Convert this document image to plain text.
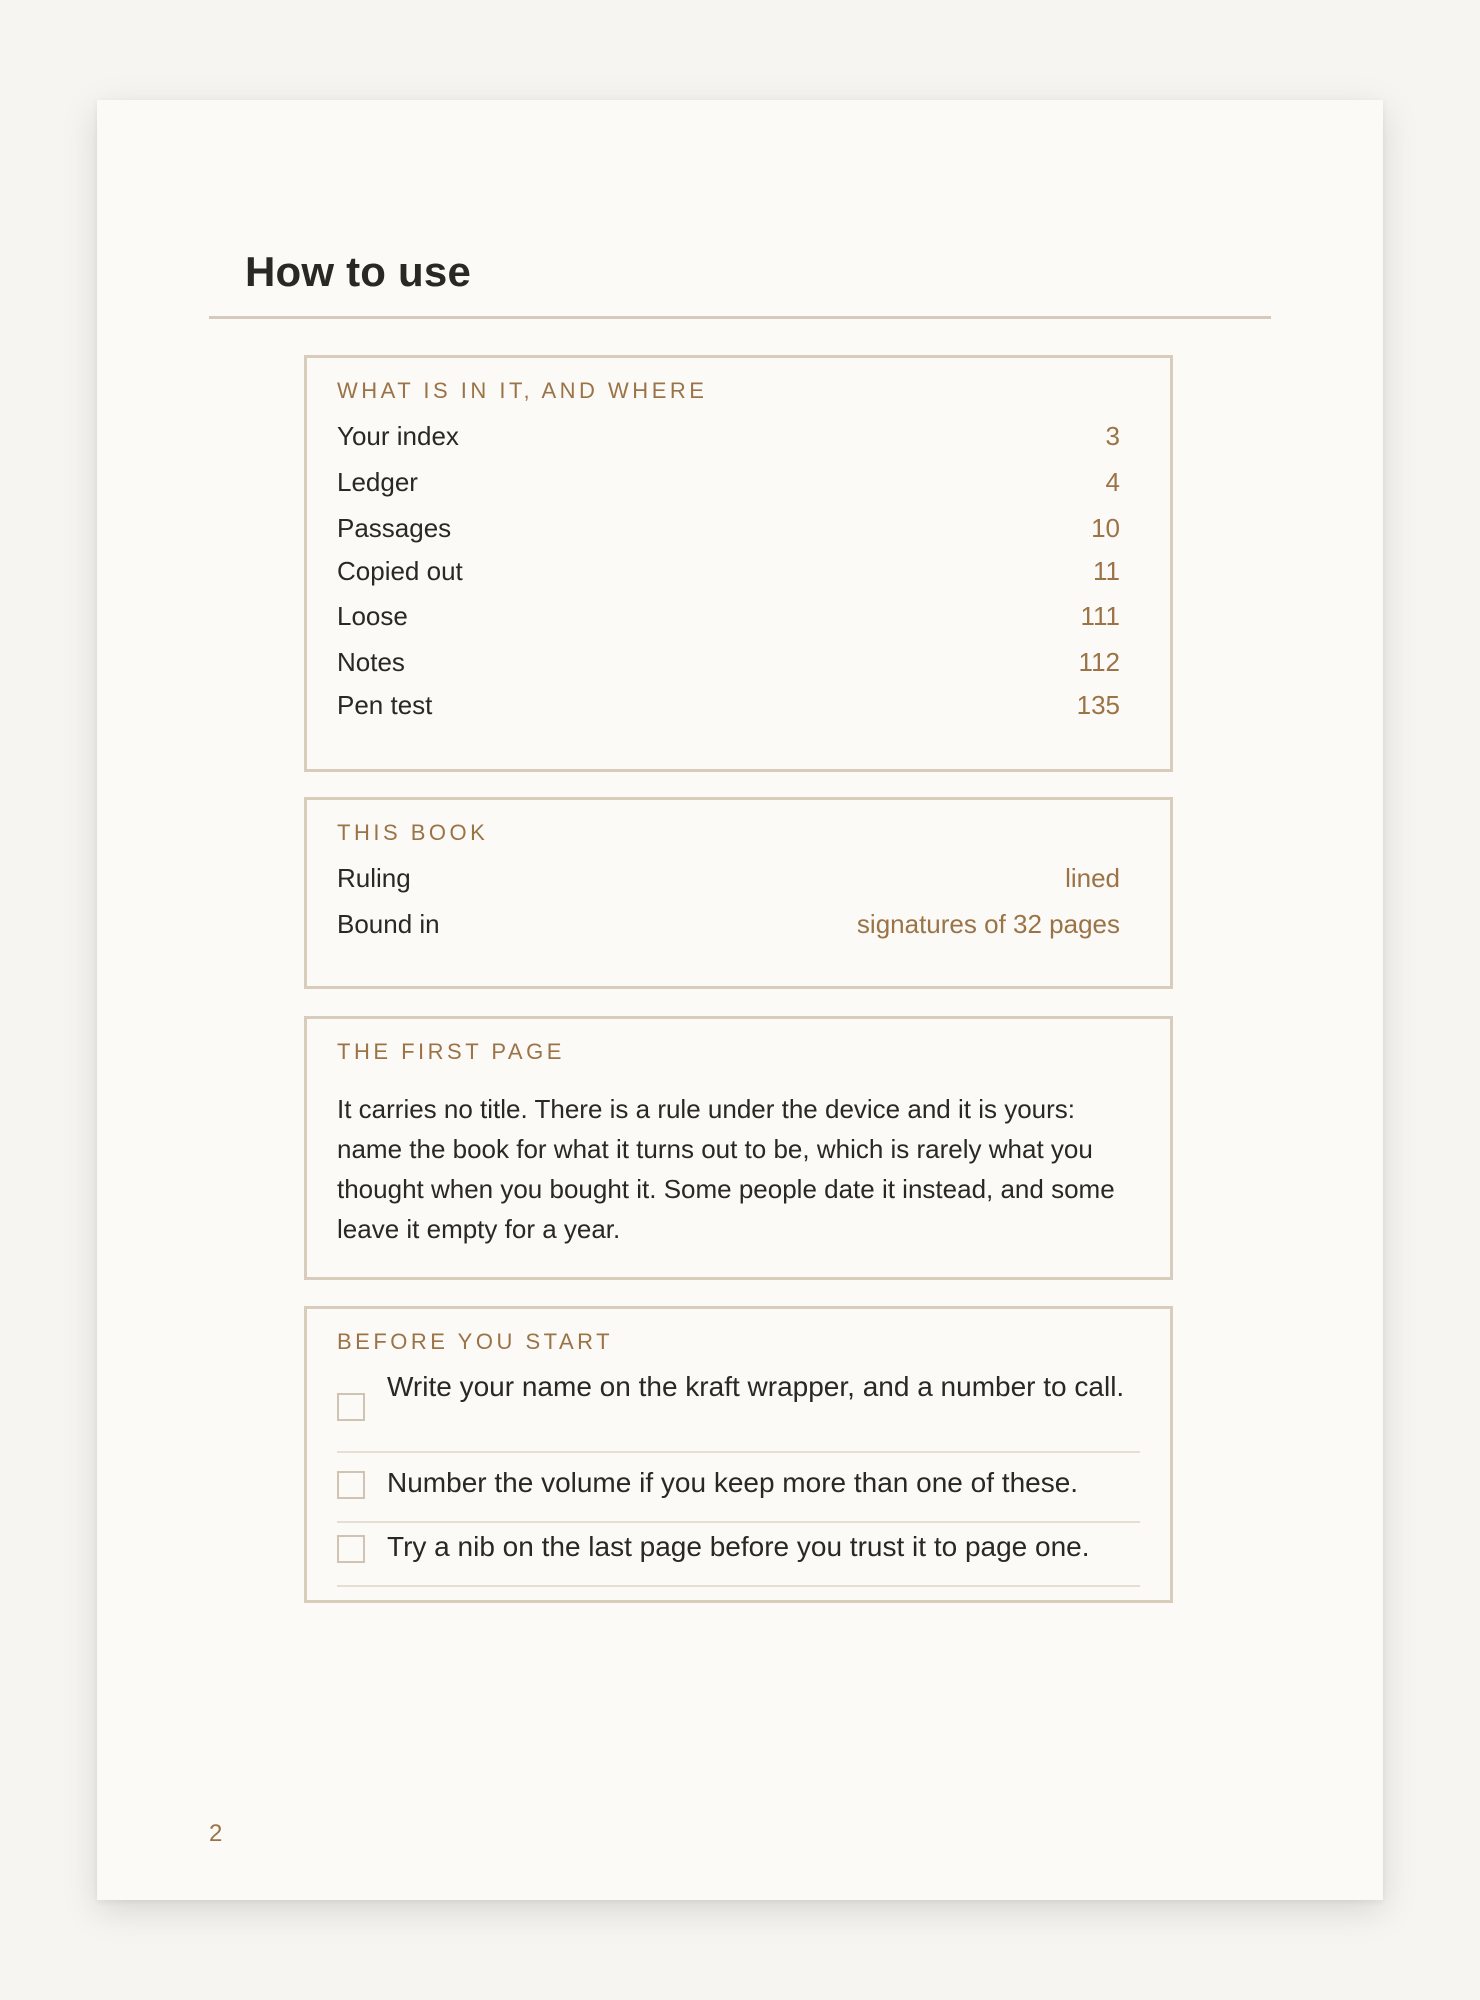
How to use
WHAT IS IN IT, AND WHERE
Your index	3
Ledger	4
Passages	10
Copied out	11
Loose	111
Notes	112
Pen test	135
THIS BOOK
Ruling	lined
Bound in	signatures of 32 pages
THE FIRST PAGE

It carries no title. There is a rule under the device and it is yours: name the book for what it turns out to be, which is rarely what you thought when you bought it. Some people date it instead, and some leave it empty for a year.

BEFORE YOU START
Write your name on the kraft wrapper, and a number to call.
Number the volume if you keep more than one of these.
Try a nib on the last page before you trust it to page one.
2
